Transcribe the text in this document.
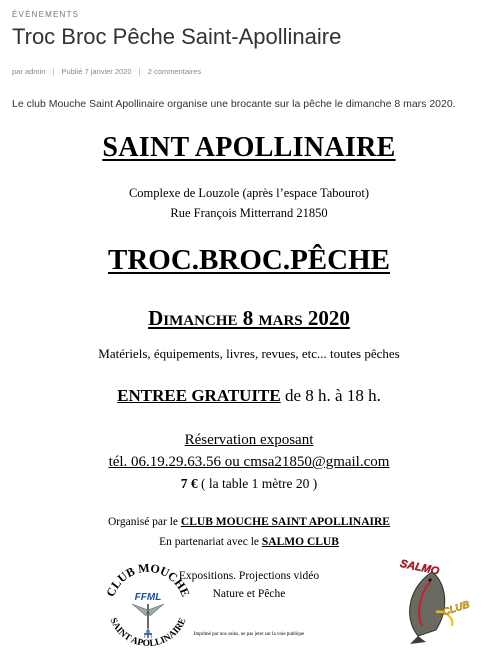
ÉVÉNEMENTS
Troc Broc Pêche Saint-Apollinaire
par admin | Publié 7 janvier 2020 | 2 commentaires

Le club Mouche Saint Apollinaire organise une brocante sur la pêche le dimanche 8 mars 2020.

SAINT APOLLINAIRE
Complexe de Louzole (après l’espace Tabourot)
Rue François Mitterrand 21850
TROC.BROC.PÊCHE
Dimanche 8 mars 2020
Matériels, équipements, livres, revues, etc... toutes pêches
ENTREE GRATUITE de 8 h. à 18 h.
Réservation exposant
tél. 06.19.29.63.56 ou cmsa21850@gmail.com
7 € ( la table 1 mètre 20 )
Organisé par le CLUB MOUCHE SAINT APOLLINAIRE
En partenariat avec le SALMO CLUB
Expositions. Projections vidéo
Nature et Pêche
Imprimé par nos soins, ne pas jeter sur la voie publique
CLUB MOUCHE
SAINT APOLLINAIRE
FFML
SALMO
CLUB
